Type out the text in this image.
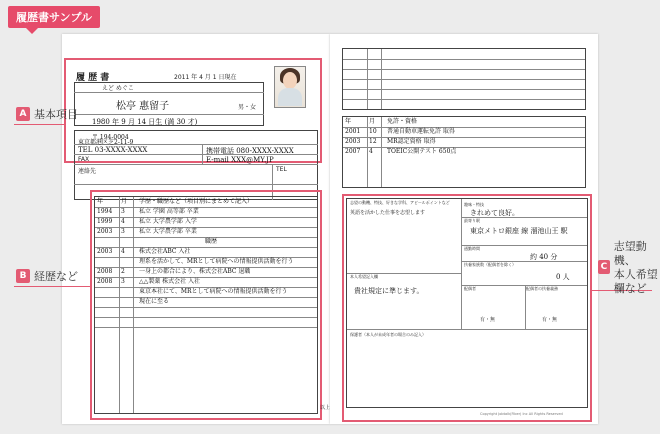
履歴書サンプル
履 歴 書	2011 年 4 月 1 日現在
えど めぐこ
松亭 惠留子
1980 年 9 月 14 日生 (満 30 才)
男・女
〒 194-0004
東京都港区芝2-11-9
TEL 03-XXXX-XXXX	携帯電話 080-XXXX-XXXX
FAX	E-mail XXX@MY.JP
連絡先	TEL
年	月 学歴・職歴など（項目別にまとめて記入）
1994 3 私立 学園 高等部 卒業
1999 4 私立 大学農学部 入学
2003 3 私立 大学農学部 卒業
職歴
2003 4 株式会社ABC 入社
理系を活かして、MRとして病院への情報提供活動を行う
2008 2 一身上の都合により、株式会社ABC 退職
2008 3 △△製薬 株式会社 入社
東京本社にて、MRとして病院への情報提供活動を行う
現在に至る
以上
年	月 免許・資格
2001 10 普通自動車運転免許 取得
2003 12 MR認定資格 取得
2007 4 TOEIC公開テスト 650点
志望の動機、特技、好きな学科、アピールポイントなど
英語を活かした仕事を志望します
趣味・特技
きれめて良好。
本人希望記入欄
貴社規定に準じます。
最寄り駅
東京メトロ銀座 線 溜池山王 駅
通勤時間
約 40 分
扶養家族数（配偶者を除く）
0 人
配偶者
有・無
配偶者の扶養義務
有・無
保護者（本人が未成年者の場合のみ記入）
Copyright Jobtalk(Fiber) Inc All Rights Reserved
A 基本項目
B 経歴など
C
志望動機、
本人希望
欄など
